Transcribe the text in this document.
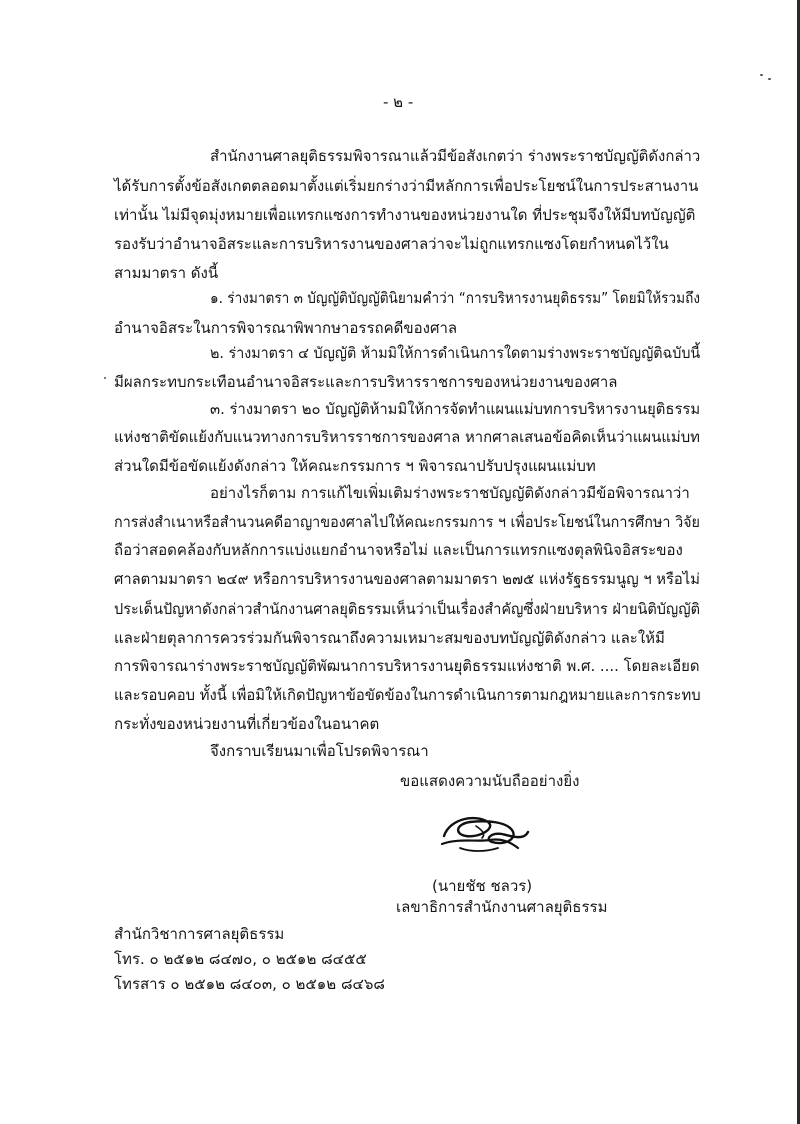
- ๒ -
สำนักงานศาลยุติธรรมพิจารณาแล้วมีข้อสังเกตว่า ร่างพระราชบัญญัติดังกล่าว
ได้รับการตั้งข้อสังเกตตลอดมาตั้งแต่เริ่มยกร่างว่ามีหลักการเพื่อประโยชน์ในการประสานงาน
เท่านั้น ไม่มีจุดมุ่งหมายเพื่อแทรกแซงการทำงานของหน่วยงานใด ที่ประชุมจึงให้มีบทบัญญัติ
รองรับว่าอำนาจอิสระและการบริหารงานของศาลว่าจะไม่ถูกแทรกแซงโดยกำหนดไว้ใน
สามมาตรา ดังนี้
๑. ร่างมาตรา ๓ บัญญัติบัญญัตินิยามคำว่า “การบริหารงานยุติธรรม” โดยมิให้รวมถึง
อำนาจอิสระในการพิจารณาพิพากษาอรรถคดีของศาล
๒. ร่างมาตรา ๔ บัญญัติ ห้ามมิให้การดำเนินการใดตามร่างพระราชบัญญัติฉบับนี้
มีผลกระทบกระเทือนอำนาจอิสระและการบริหารราชการของหน่วยงานของศาล
๓. ร่างมาตรา ๒๐ บัญญัติห้ามมิให้การจัดทำแผนแม่บทการบริหารงานยุติธรรม
แห่งชาติขัดแย้งกับแนวทางการบริหารราชการของศาล หากศาลเสนอข้อคิดเห็นว่าแผนแม่บท
ส่วนใดมีข้อขัดแย้งดังกล่าว ให้คณะกรรมการ ฯ พิจารณาปรับปรุงแผนแม่บท
อย่างไรก็ตาม การแก้ไขเพิ่มเติมร่างพระราชบัญญัติดังกล่าวมีข้อพิจารณาว่า
การส่งสำเนาหรือสำนวนคดีอาญาของศาลไปให้คณะกรรมการ ฯ เพื่อประโยชน์ในการศึกษา วิจัย
ถือว่าสอดคล้องกับหลักการแบ่งแยกอำนาจหรือไม่ และเป็นการแทรกแซงตุลพินิจอิสระของ
ศาลตามมาตรา ๒๔๙ หรือการบริหารงานของศาลตามมาตรา ๒๗๕ แห่งรัฐธรรมนูญ ฯ หรือไม่
ประเด็นปัญหาดังกล่าวสำนักงานศาลยุติธรรมเห็นว่าเป็นเรื่องสำคัญซึ่งฝ่ายบริหาร ฝ่ายนิติบัญญัติ
และฝ่ายตุลาการควรร่วมกันพิจารณาถึงความเหมาะสมของบทบัญญัติดังกล่าว และให้มี
การพิจารณาร่างพระราชบัญญัติพัฒนาการบริหารงานยุติธรรมแห่งชาติ พ.ศ. .... โดยละเอียด
และรอบคอบ ทั้งนี้ เพื่อมิให้เกิดปัญหาข้อขัดข้องในการดำเนินการตามกฎหมายและการกระทบ
กระทั่งของหน่วยงานที่เกี่ยวข้องในอนาคต
จึงกราบเรียนมาเพื่อโปรดพิจารณา
ขอแสดงความนับถืออย่างยิ่ง
(นายชัช ชลวร)
เลขาธิการสำนักงานศาลยุติธรรม
สำนักวิชาการศาลยุติธรรม
โทร. ๐ ๒๕๑๒ ๘๔๗๐, ๐ ๒๕๑๒ ๘๔๕๕
โทรสาร ๐ ๒๕๑๒ ๘๔๐๓, ๐ ๒๕๑๒ ๘๔๖๘
